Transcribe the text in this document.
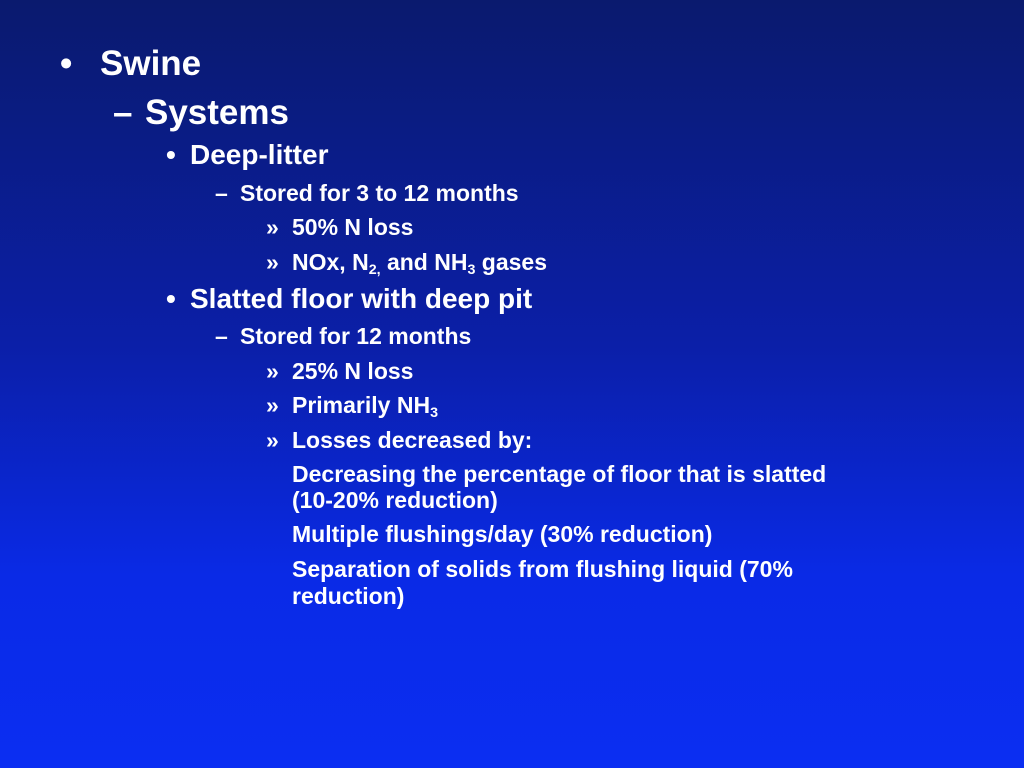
• Swine
– Systems
• Deep-litter
– Stored for 3 to 12 months
» 50% N loss
» NOx, $N_{2,}$ and $NH_3$ gases
• Slatted floor with deep pit
– Stored for 12 months
» 25% N loss
» Primarily $NH_3$
» Losses decreased by:
Decreasing the percentage of floor that is slatted
(10-20% reduction)
Multiple flushings/day (30% reduction)
Separation of solids from flushing liquid (70%
reduction)
